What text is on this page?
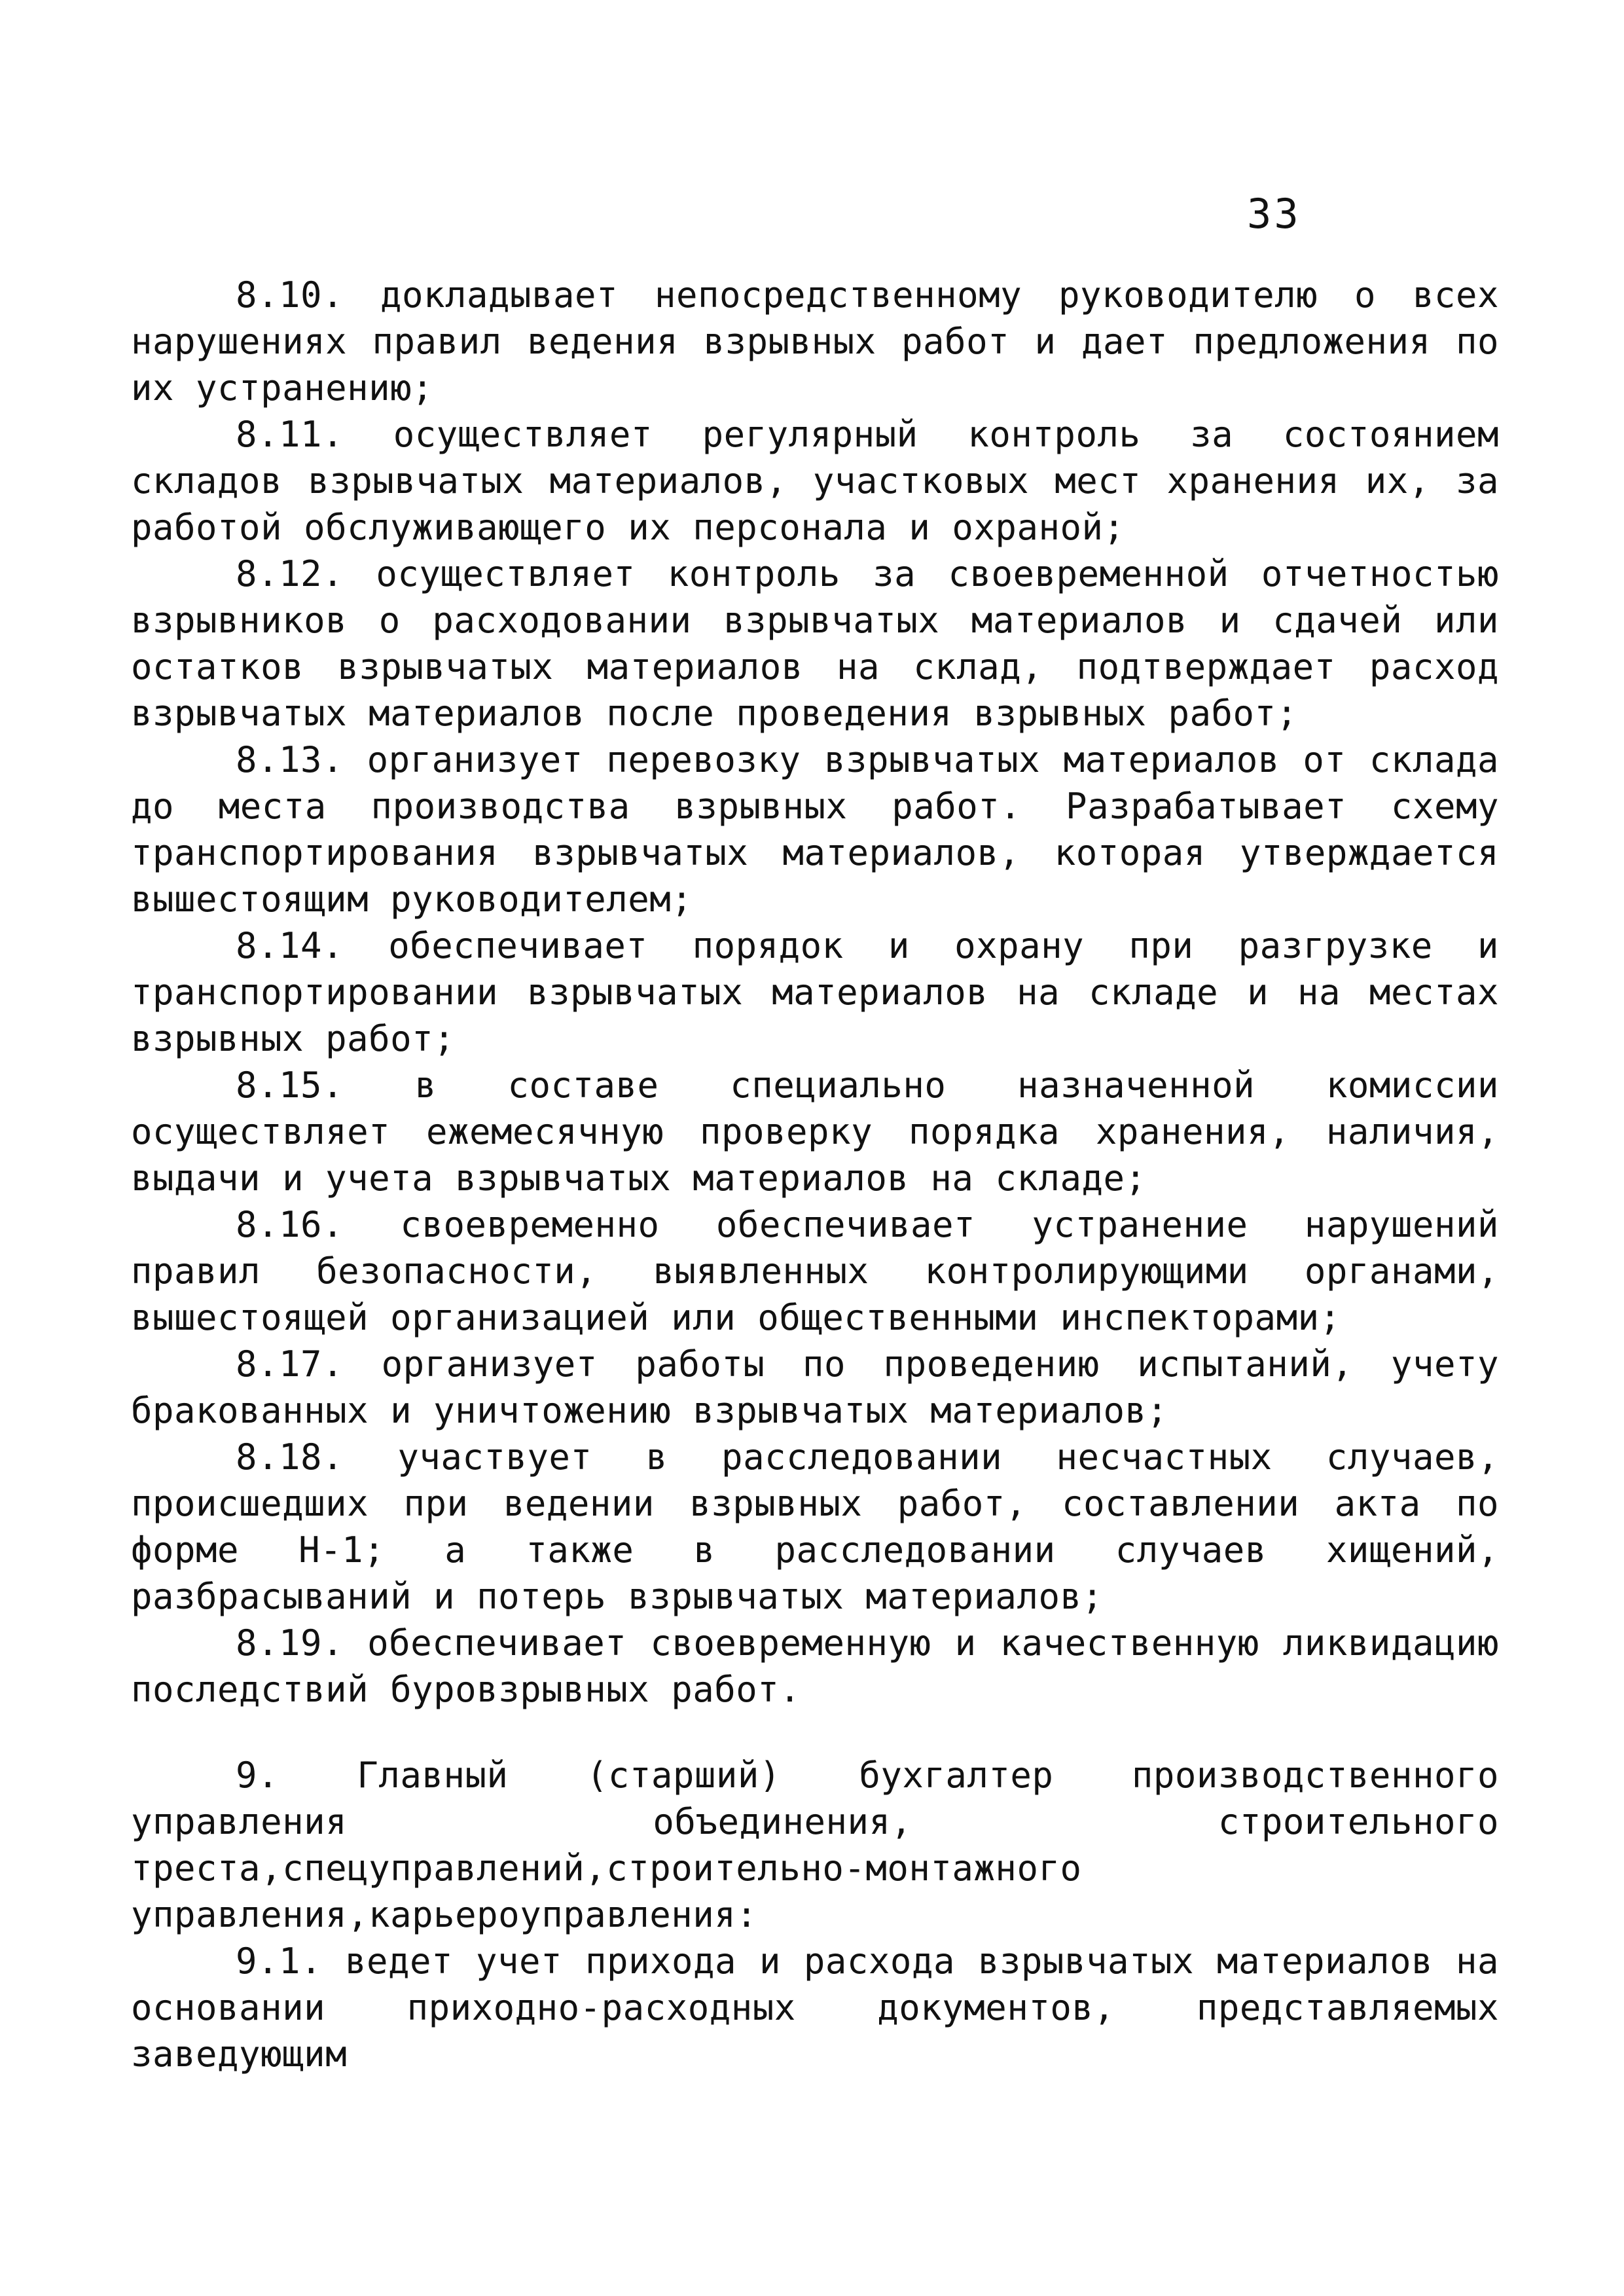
33

8.10. докладывает непосредственному руководителю о всех нарушениях правил ведения взрывных работ и дает предложения по их устранению;

8.11. осуществляет регулярный контроль за состоянием складов взрывчатых материалов, участковых мест хранения их, за работой обслуживающего их персонала и охраной;

8.12. осуществляет контроль за своевременной отчетностью взрывников о расходовании взрывчатых материалов и сдачей или остатков взрывчатых материалов на склад, подтверждает расход взрывчатых материалов после проведения взрывных работ;

8.13. организует перевозку взрывчатых материалов от склада до места производства взрывных работ. Разрабатывает схему транспортирования взрывчатых материалов, которая утверждается вышестоящим руководителем;

8.14. обеспечивает порядок и охрану при разгрузке и транспортировании взрывчатых материалов на складе и на местах взрывных работ;

8.15. в составе специально назначенной комиссии осуществляет ежемесячную проверку порядка хранения, наличия, выдачи и учета взрывчатых материалов на складе;

8.16. своевременно обеспечивает устранение нарушений правил безопасности, выявленных контролирующими органами, вышестоящей организацией или общественными инспекторами;

8.17. организует работы по проведению испытаний, учету бракованных и уничтожению взрывчатых материалов;

8.18. участвует в расследовании несчастных случаев, происшедших при ведении взрывных работ, составлении акта по форме Н-1; а также в расследовании случаев хищений, разбрасываний и потерь взрывчатых материалов;

8.19. обеспечивает своевременную и качественную ликвидацию последствий буровзрывных работ.

9. Главный (старший) бухгалтер производственного управления объединения, строительного треста,спецуправлений,строительно-монтажного управления,карьероуправления:

9.1. ведет учет прихода и расхода взрывчатых материалов на основании приходно-расходных документов, представляемых заведующим
